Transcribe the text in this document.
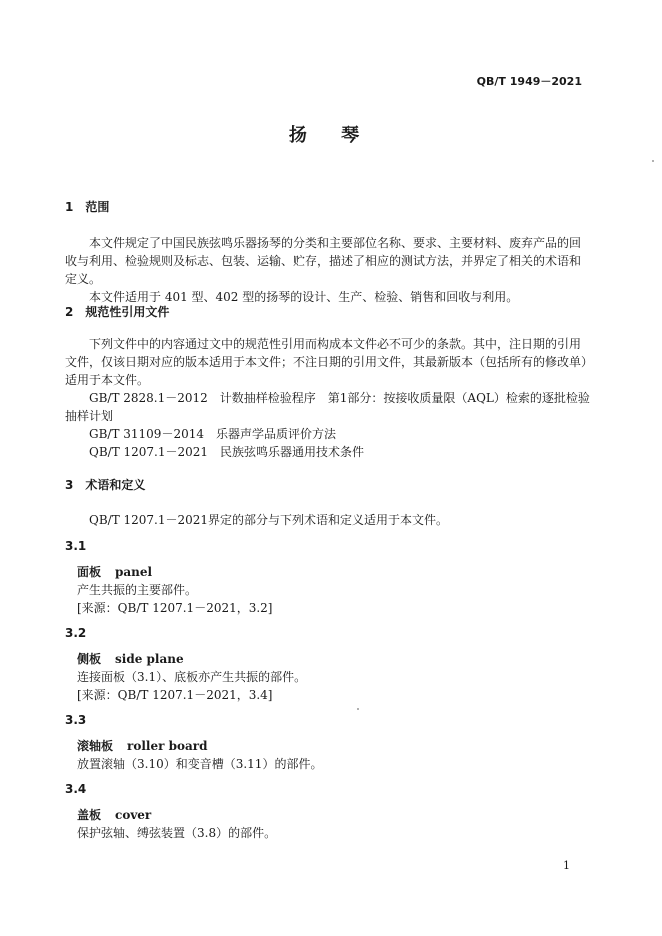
QB/T 1949－2021
扬 琴
1 范围

本文件规定了中国民族弦鸣乐器扬琴的分类和主要部位名称、要求、主要材料、废弃产品的回收与利用、检验规则及标志、包装、运输、贮存，描述了相应的测试方法，并界定了相关的术语和定义。

本文件适用于 401 型、402 型的扬琴的设计、生产、检验、销售和回收与利用。

2 规范性引用文件

下列文件中的内容通过文中的规范性引用而构成本文件必不可少的条款。其中，注日期的引用文件，仅该日期对应的版本适用于本文件；不注日期的引用文件，其最新版本（包括所有的修改单）适用于本文件。

GB/T 2828.1－2012　计数抽样检验程序　第1部分：按接收质量限（AQL）检索的逐批检验抽样计划

GB/T 31109－2014　乐器声学品质评价方法

QB/T 1207.1－2021　民族弦鸣乐器通用技术条件

3 术语和定义

QB/T 1207.1－2021界定的部分与下列术语和定义适用于本文件。

3.1
面板 panel
产生共振的主要部件。
[来源：QB/T 1207.1－2021，3.2]
3.2
侧板 side plane
连接面板（3.1）、底板亦产生共振的部件。
[来源：QB/T 1207.1－2021，3.4]
3.3
滚轴板 roller board
放置滚轴（3.10）和变音槽（3.11）的部件。
3.4
盖板 cover
保护弦轴、缚弦装置（3.8）的部件。
1
